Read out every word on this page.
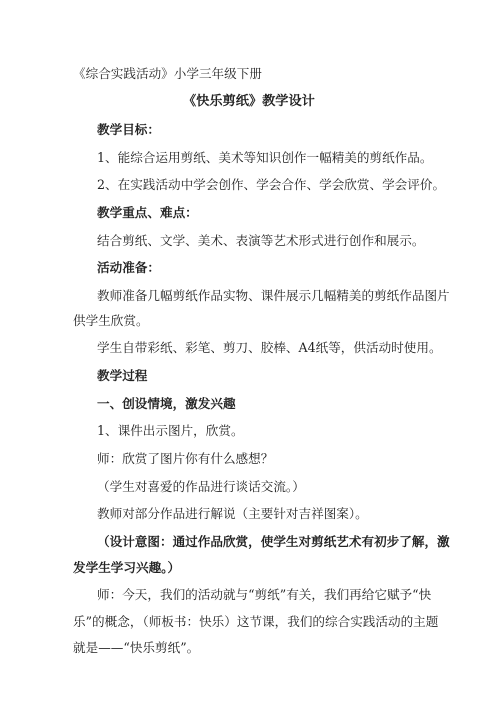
《综合实践活动》小学三年级下册
《快乐剪纸》教学设计
教学目标：
1、能综合运用剪纸、美术等知识创作一幅精美的剪纸作品。
2、在实践活动中学会创作、学会合作、学会欣赏、学会评价。
教学重点、难点：
结合剪纸、文学、美术、表演等艺术形式进行创作和展示。
活动准备：
教师准备几幅剪纸作品实物、课件展示几幅精美的剪纸作品图片
供学生欣赏。
学生自带彩纸、彩笔、剪刀、胶棒、A4纸等，供活动时使用。
教学过程
一、创设情境，激发兴趣
1、课件出示图片，欣赏。
师：欣赏了图片你有什么感想？
（学生对喜爱的作品进行谈话交流。）
教师对部分作品进行解说（主要针对吉祥图案）。
（设计意图：通过作品欣赏，使学生对剪纸艺术有初步了解，激
发学生学习兴趣。）
师：今天，我们的活动就与“剪纸”有关，我们再给它赋予“快
乐”的概念，（师板书：快乐）这节课，我们的综合实践活动的主题
就是——“快乐剪纸”。
